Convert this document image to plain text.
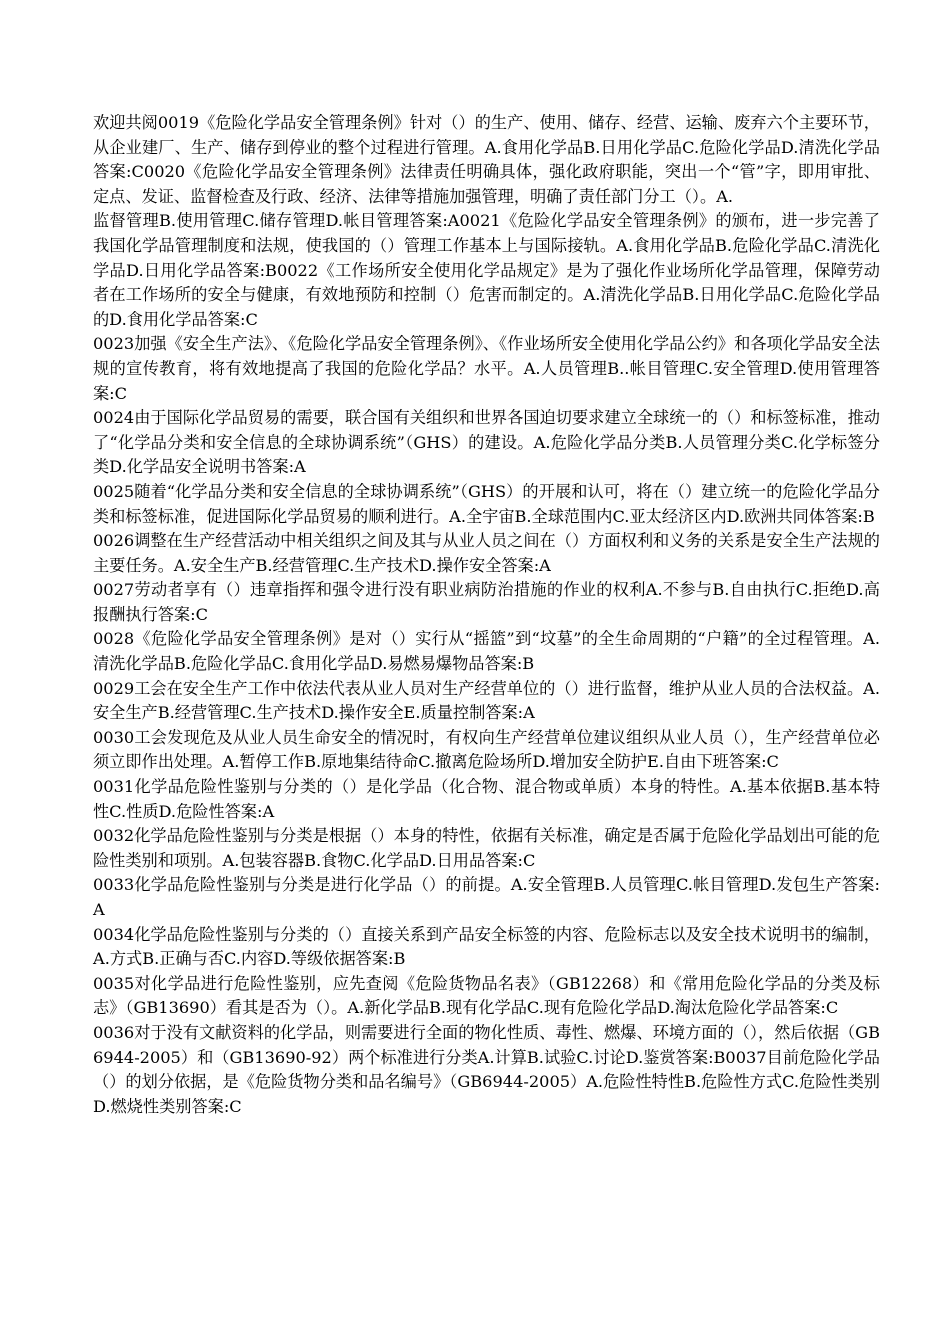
欢迎共阅0019《危险化学品安全管理条例》针对（）的生产、使用、储存、经营、运输、废弃六个主要环节，从企业建厂、生产、储存到停业的整个过程进行管理。A.食用化学品B.日用化学品C.危险化学品D.清洗化学品答案:C0020《危险化学品安全管理条例》法律责任明确具体，强化政府职能，突出一个“管”字，即用审批、定点、发证、监督检查及行政、经济、法律等措施加强管理，明确了责任部门分工（）。A.

监督管理B.使用管理C.储存管理D.帐目管理答案:A0021《危险化学品安全管理条例》的颁布，进一步完善了我国化学品管理制度和法规，使我国的（）管理工作基本上与国际接轨。A.食用化学品B.危险化学品C.清洗化学品D.日用化学品答案:B0022《工作场所安全使用化学品规定》是为了强化作业场所化学品管理，保障劳动者在工作场所的安全与健康，有效地预防和控制（）危害而制定的。A.清洗化学品B.日用化学品C.危险化学品的D.食用化学品答案:C

0023加强《安全生产法》、《危险化学品安全管理条例》、《作业场所安全使用化学品公约》和各项化学品安全法规的宣传教育，将有效地提高了我国的危险化学品？水平。A.人员管理B..帐目管理C.安全管理D.使用管理答案:C

0024由于国际化学品贸易的需要，联合国有关组织和世界各国迫切要求建立全球统一的（）和标签标准，推动了“化学品分类和安全信息的全球协调系统”（GHS）的建设。A.危险化学品分类B.人员管理分类C.化学标签分类D.化学品安全说明书答案:A

0025随着“化学品分类和安全信息的全球协调系统”（GHS）的开展和认可，将在（）建立统一的危险化学品分类和标签标准，促进国际化学品贸易的顺利进行。A.全宇宙B.全球范围内C.亚太经济区内D.欧洲共同体答案:B

0026调整在生产经营活动中相关组织之间及其与从业人员之间在（）方面权利和义务的关系是安全生产法规的主要任务。A.安全生产B.经营管理C.生产技术D.操作安全答案:A

0027劳动者享有（）违章指挥和强令进行没有职业病防治措施的作业的权利A.不参与B.自由执行C.拒绝D.高报酬执行答案:C

0028《危险化学品安全管理条例》是对（）实行从“摇篮”到“坟墓”的全生命周期的“户籍”的全过程管理。A.清洗化学品B.危险化学品C.食用化学品D.易燃易爆物品答案:B

0029工会在安全生产工作中依法代表从业人员对生产经营单位的（）进行监督，维护从业人员的合法权益。A.安全生产B.经营管理C.生产技术D.操作安全E.质量控制答案:A

0030工会发现危及从业人员生命安全的情况时，有权向生产经营单位建议组织从业人员（），生产经营单位必须立即作出处理。A.暂停工作B.原地集结待命C.撤离危险场所D.增加安全防护E.自由下班答案:C

0031化学品危险性鉴别与分类的（）是化学品（化合物、混合物或单质）本身的特性。A.基本依据B.基本特性C.性质D.危险性答案:A

0032化学品危险性鉴别与分类是根据（）本身的特性，依据有关标准，确定是否属于危险化学品划出可能的危险性类别和项别。A.包装容器B.食物C.化学品D.日用品答案:C

0033化学品危险性鉴别与分类是进行化学品（）的前提。A.安全管理B.人员管理C.帐目管理D.发包生产答案:A

0034化学品危险性鉴别与分类的（）直接关系到产品安全标签的内容、危险标志以及安全技术说明书的编制，A.方式B.正确与否C.内容D.等级依据答案:B

0035对化学品进行危险性鉴别，应先查阅《危险货物品名表》（GB12268）和《常用危险化学品的分类及标志》（GB13690）看其是否为（）。A.新化学品B.现有化学品C.现有危险化学品D.淘汰危险化学品答案:C

0036对于没有文献资料的化学品，则需要进行全面的物化性质、毒性、燃爆、环境方面的（），然后依据（GB6944-2005）和（GB13690-92）两个标准进行分类A.计算B.试验C.讨论D.鉴赏答案:B0037目前危险化学品（）的划分依据，是《危险货物分类和品名编号》（GB6944-2005）A.危险性特性B.危险性方式C.危险性类别D.燃烧性类别答案:C
